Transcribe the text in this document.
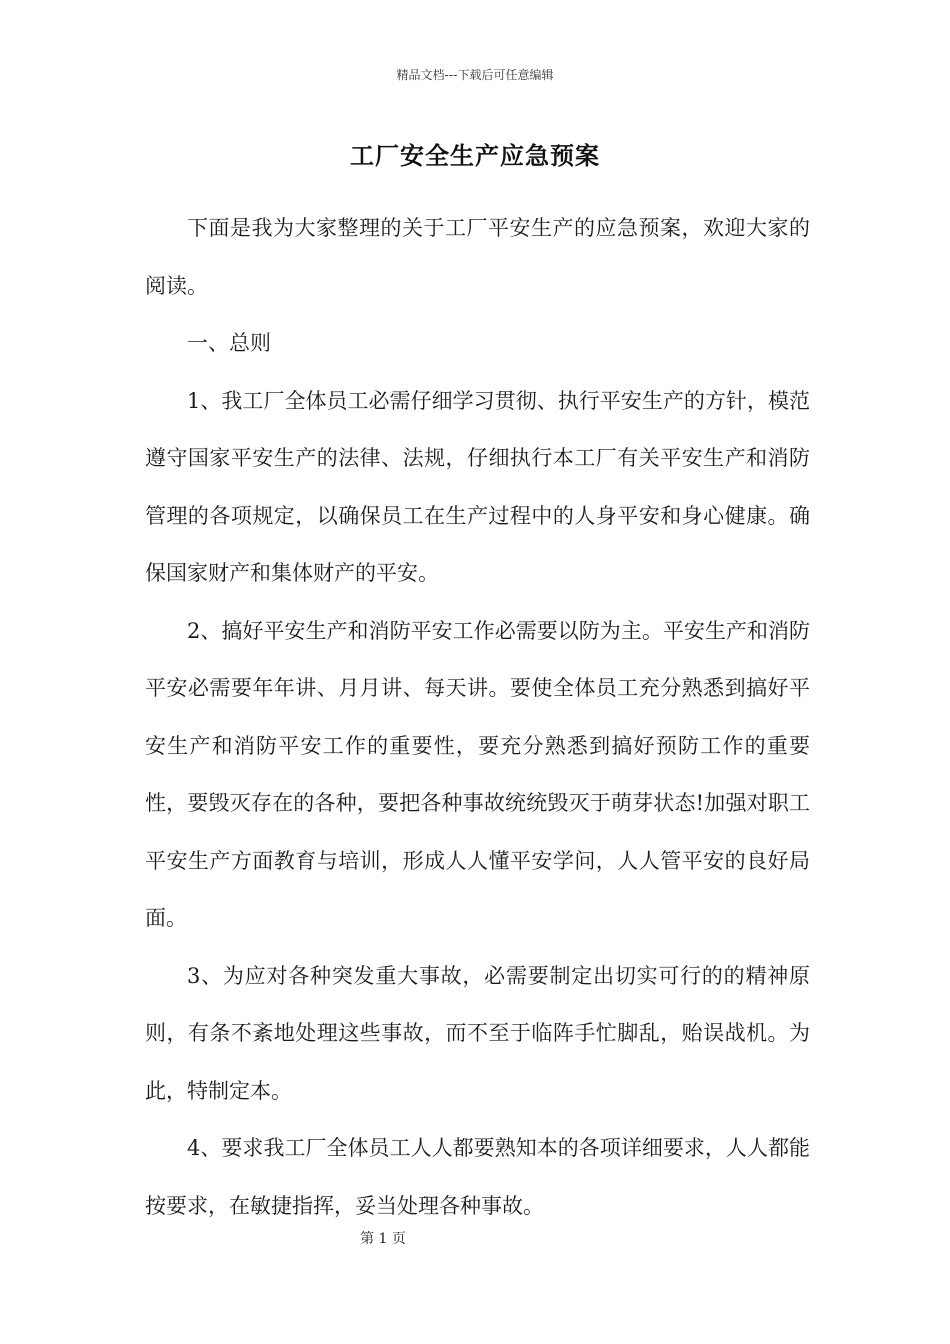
精品文档---下载后可任意编辑
工厂安全生产应急预案

下面是我为大家整理的关于工厂平安生产的应急预案，欢迎大家的阅读。

一、总则

1、我工厂全体员工必需仔细学习贯彻、执行平安生产的方针，模范遵守国家平安生产的法律、法规，仔细执行本工厂有关平安生产和消防管理的各项规定，以确保员工在生产过程中的人身平安和身心健康。确保国家财产和集体财产的平安。

2、搞好平安生产和消防平安工作必需要以防为主。平安生产和消防平安必需要年年讲、月月讲、每天讲。要使全体员工充分熟悉到搞好平安生产和消防平安工作的重要性，要充分熟悉到搞好预防工作的重要性，要毁灭存在的各种，要把各种事故统统毁灭于萌芽状态!加强对职工平安生产方面教育与培训，形成人人懂平安学问，人人管平安的良好局面。

3、为应对各种突发重大事故，必需要制定出切实可行的的精神原则，有条不紊地处理这些事故，而不至于临阵手忙脚乱，贻误战机。为此，特制定本。

4、要求我工厂全体员工人人都要熟知本的各项详细要求，人人都能按要求，在敏捷指挥，妥当处理各种事故。

第 1 页
